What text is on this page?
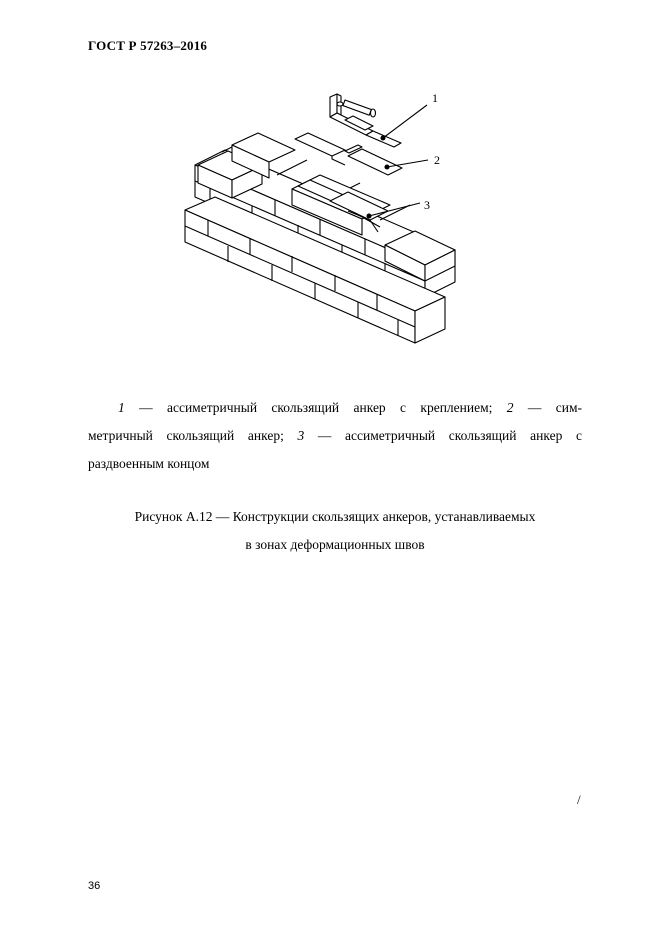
ГОСТ Р 57263–2016
1
2
3
1 — ассиметричный скользящий анкер с креплением; 2 — сим-
метричный скользящий анкер; 3 — ассиметричный скользящий анкер с
раздвоенным концом
Рисунок А.12 — Конструкции скользящих анкеров, устанавливаемых
в зонах деформационных швов
/
36
